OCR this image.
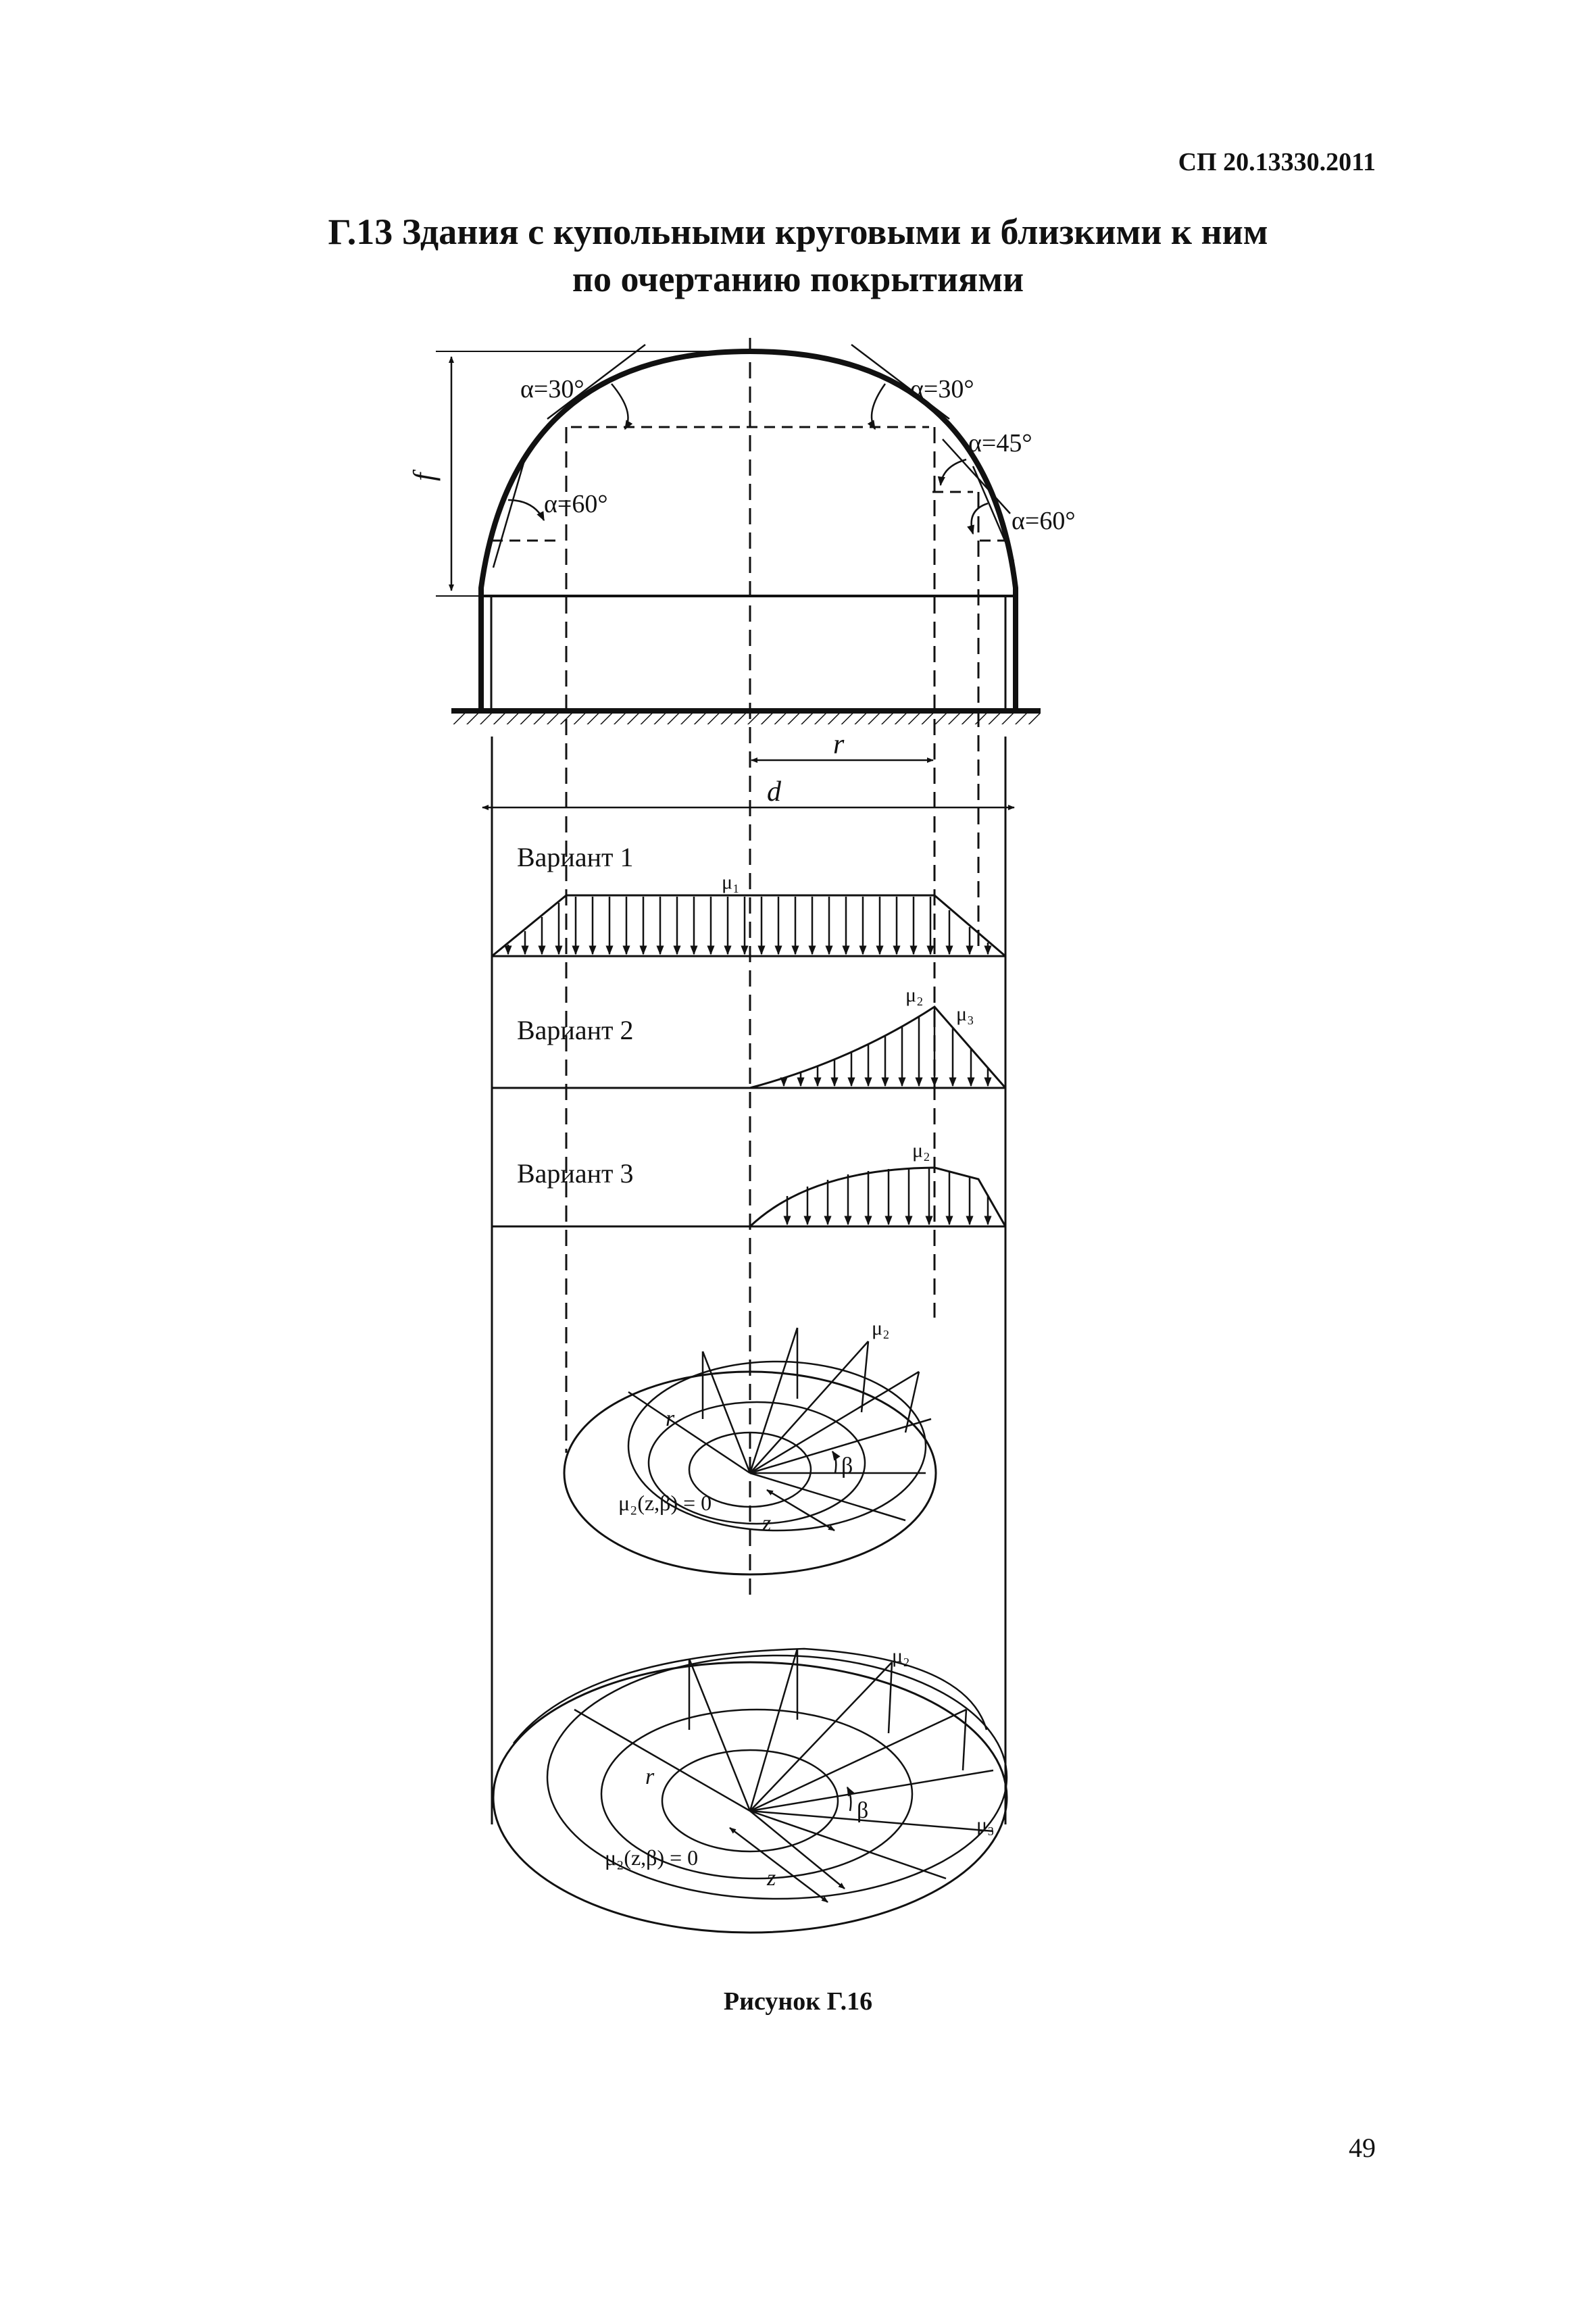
СП 20.13330.2011
Г.13 Здания с купольными круговыми и близкими к ним
по очертанию покрытиями
α=30°	α=30°
α=45°
α=60°
α=60°
f
r
d
Вариант 1
μ₁
Вариант 2
μ₂
μ₃
Вариант 3
μ₂
μ₂
r
z
β
μ₂(z,β) = 0
μ₂
μ₃
r
z
β
μ₂(z,β) = 0
Рисунок Г.16
49
